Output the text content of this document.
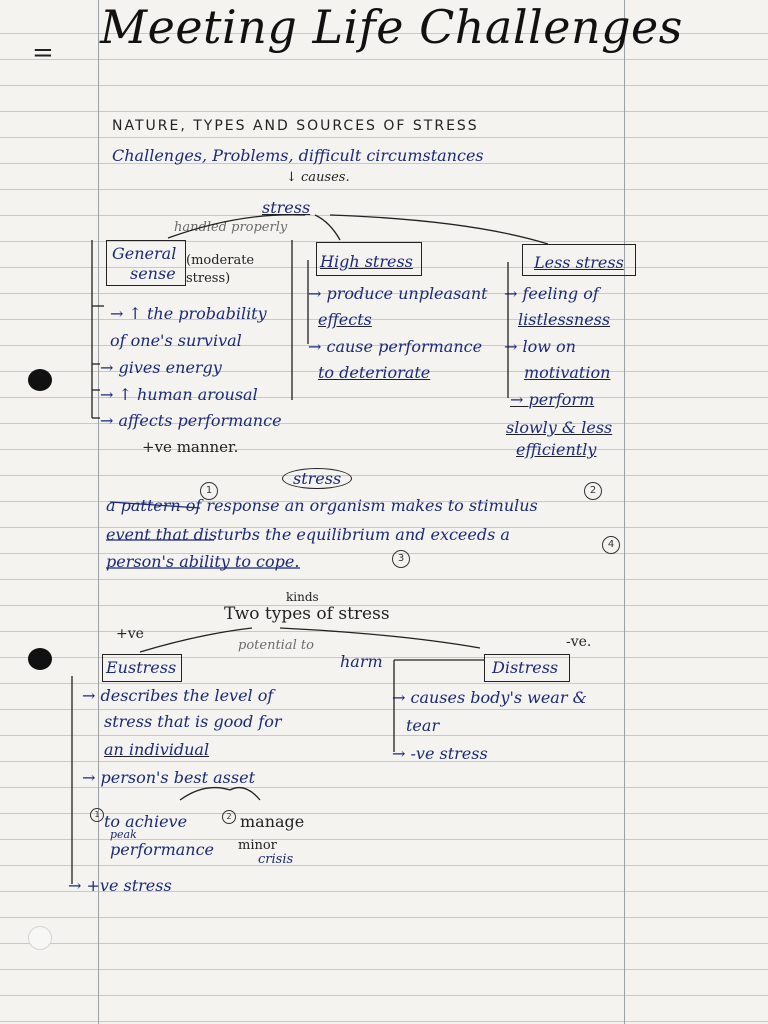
= Meeting Life Challenges
NATURE, TYPES AND SOURCES OF STRESS
Challenges, Problems, difficult circumstances
↓ causes.
stress
handled properly
General
sense
(moderate stress)
→ ↑ the probability
of one's survival
→ gives energy
→ ↑ human arousal
→ affects performance
+ve manner.
High stress
→ produce unpleasant
effects
→ cause performance
to deteriorate
Less stress
→ feeling of
listlessness
→ low on
motivation
→ perform
slowly & less
efficiently
stress
a pattern of response an organism makes to stimulus
event that disturbs the equilibrium and exceeds a
person's ability to cope.
1	2
4
3
kinds
Two types of stress
+ve	-ve.
potential to
harm
Eustress
→ describes the level of
stress that is good for
an individual
→ person's best asset
1 to achieve
peak
performance
2 manage
minor
crisis
→ +ve stress
Distress
→ causes body's wear &
tear
→ -ve stress
